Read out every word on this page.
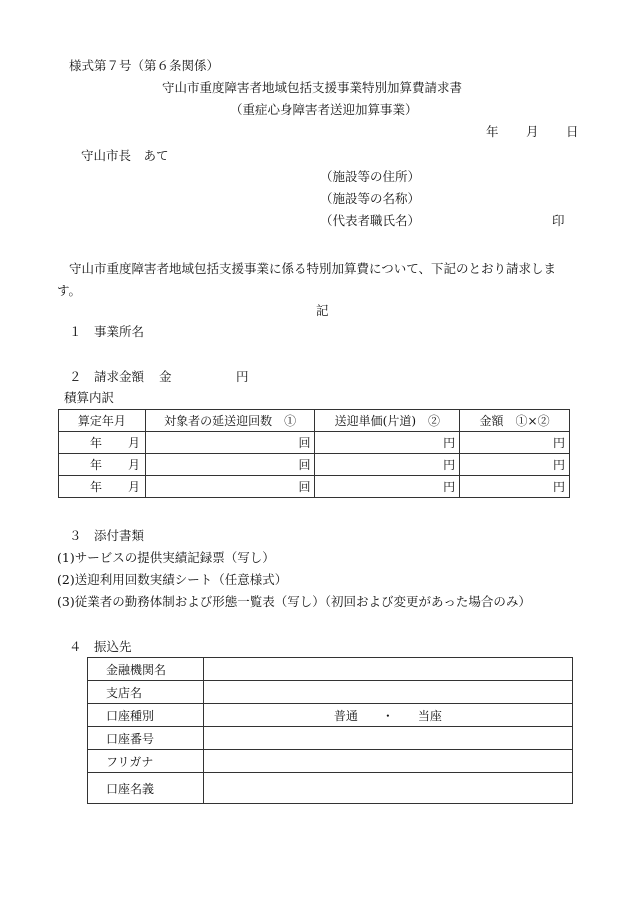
様式第７号（第６条関係）
守山市重度障害者地域包括支援事業特別加算費請求書
（重症心身障害者送迎加算事業）
年 月 日
守山市長　あて
（施設等の住所）
（施設等の名称）
（代表者職氏名）	印
守山市重度障害者地域包括支援事業に係る特別加算費について、下記のとおり請求します。
記
１　事業所名
２　請求金額 金	円
積算内訳
算定年月	対象者の延送迎回数　①	送迎単価(片道)　②	金額　①×②
年 月	回	円	円
年 月	回	円	円
年 月	回	円	円
３　添付書類
(1)サービスの提供実績記録票（写し）
(2)送迎利用回数実績シート（任意様式）
(3)従業者の勤務体制および形態一覧表（写し）（初回および変更があった場合のみ）
４　振込先
金融機関名	
支店名	
口座種別	普通　　・　　当座
口座番号	
フリガナ	
口座名義	
